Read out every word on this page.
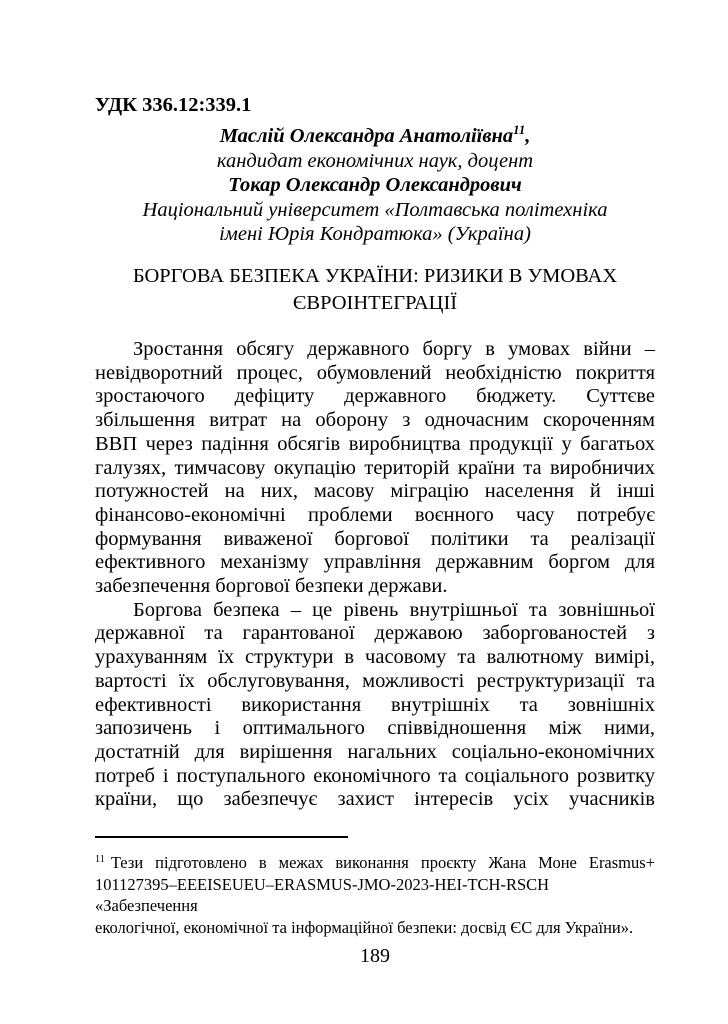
УДК 336.12:339.1
Маслій Олександра Анатоліївна$^{11}$,
кандидат економічних наук, доцент
Токар Олександр Олександрович
Національний університет «Полтавська політехніка
імені Юрія Кондратюка» (Україна)
БОРГОВА БЕЗПЕКА УКРАЇНИ: РИЗИКИ В УМОВАХ
ЄВРОІНТЕГРАЦІЇ
Зростання обсягу державного боргу в умовах війни –
невідворотний процес, обумовлений необхідністю покриття
зростаючого дефіциту державного бюджету. Суттєве
збільшення витрат на оборону з одночасним скороченням
ВВП через падіння обсягів виробництва продукції у багатьох
галузях, тимчасову окупацію територій країни та виробничих
потужностей на них, масову міграцію населення й інші
фінансово-економічні проблеми воєнного часу потребує
формування виваженої боргової політики та реалізації
ефективного механізму управління державним боргом для
забезпечення боргової безпеки держави.
Боргова безпека – це рівень внутрішньої та зовнішньої
державної та гарантованої державою заборгованостей з
урахуванням їх структури в часовому та валютному вимірі,
вартості їх обслуговування, можливості реструктуризації та
ефективності використання внутрішніх та зовнішніх
запозичень і оптимального співвідношення між ними,
достатній для вирішення нагальних соціально-економічних
потреб і поступального економічного та соціального розвитку
країни, що забезпечує захист інтересів усіх учасників
$^{11}$ Тези підготовлено в межах виконання проєкту Жана Моне Erasmus+
101127395–EEEISEUEU–ERASMUS-JMO-2023-HEI-TCH-RSCH «Забезпечення
екологічної, економічної та інформаційної безпеки: досвід ЄС для України».
189
